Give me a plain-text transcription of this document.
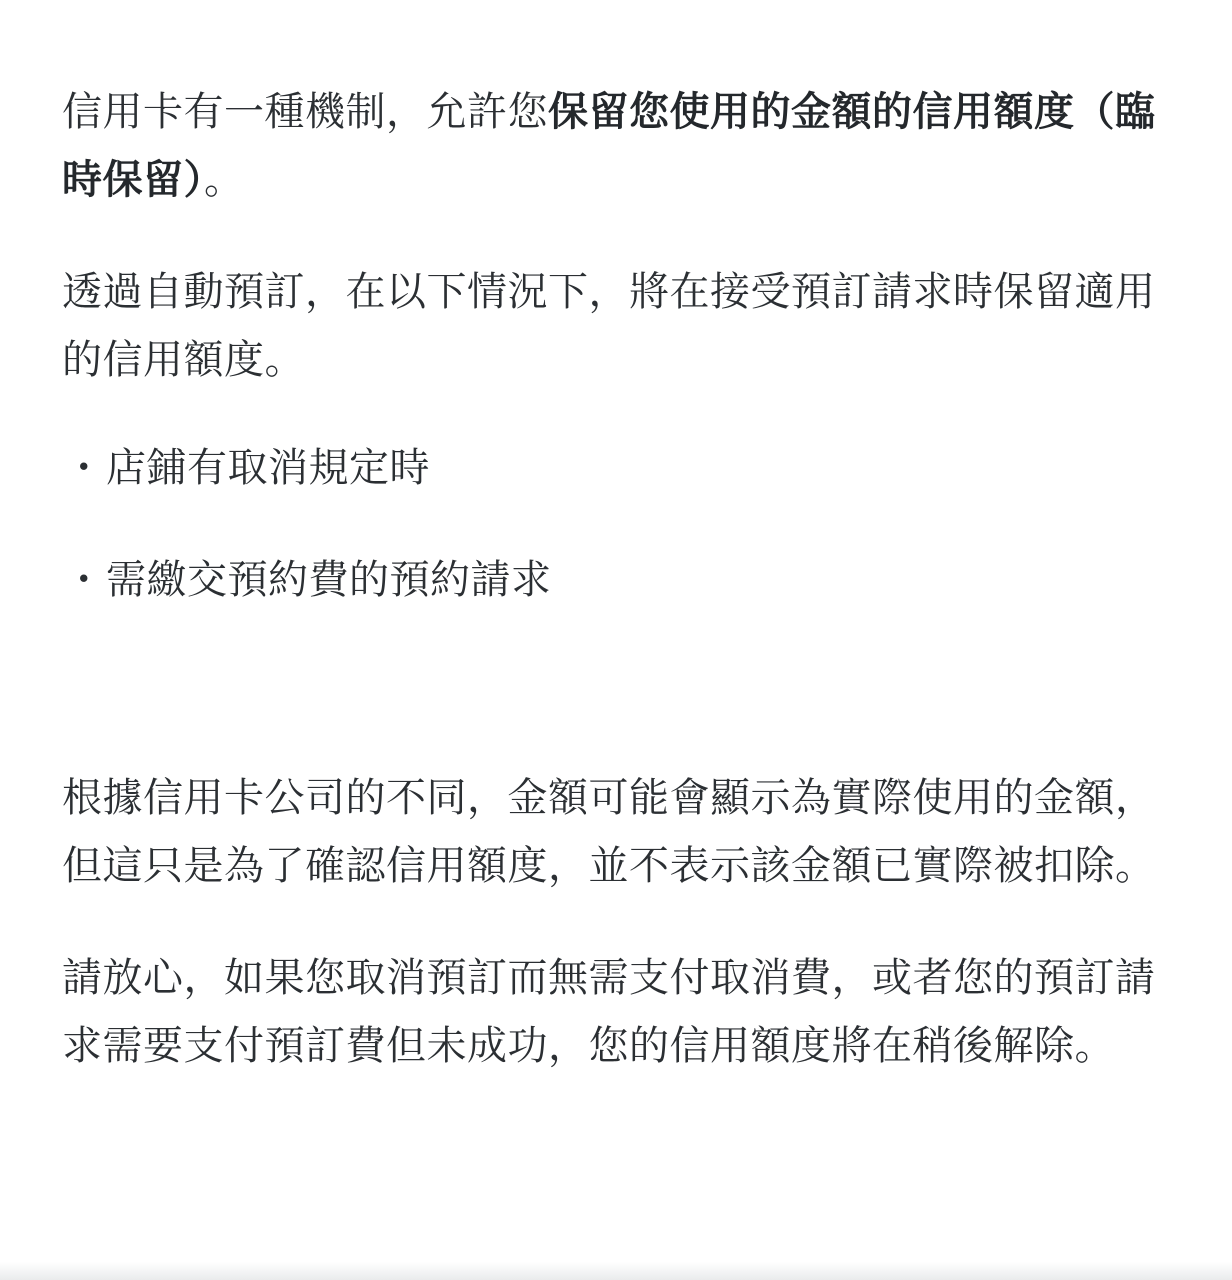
信用卡有一種機制，允許您保留您使用的金額的信用額度（臨時保留）。

透過自動預訂，在以下情況下，將在接受預訂請求時保留適用的信用額度。

・ 店鋪有取消規定時
・ 需繳交預約費的預約請求

根據信用卡公司的不同，金額可能會顯示為實際使用的金額，但這只是為了確認信用額度，並不表示該金額已實際被扣除。

請放心，如果您取消預訂而無需支付取消費，或者您的預訂請求需要支付預訂費但未成功，您的信用額度將在稍後解除。
